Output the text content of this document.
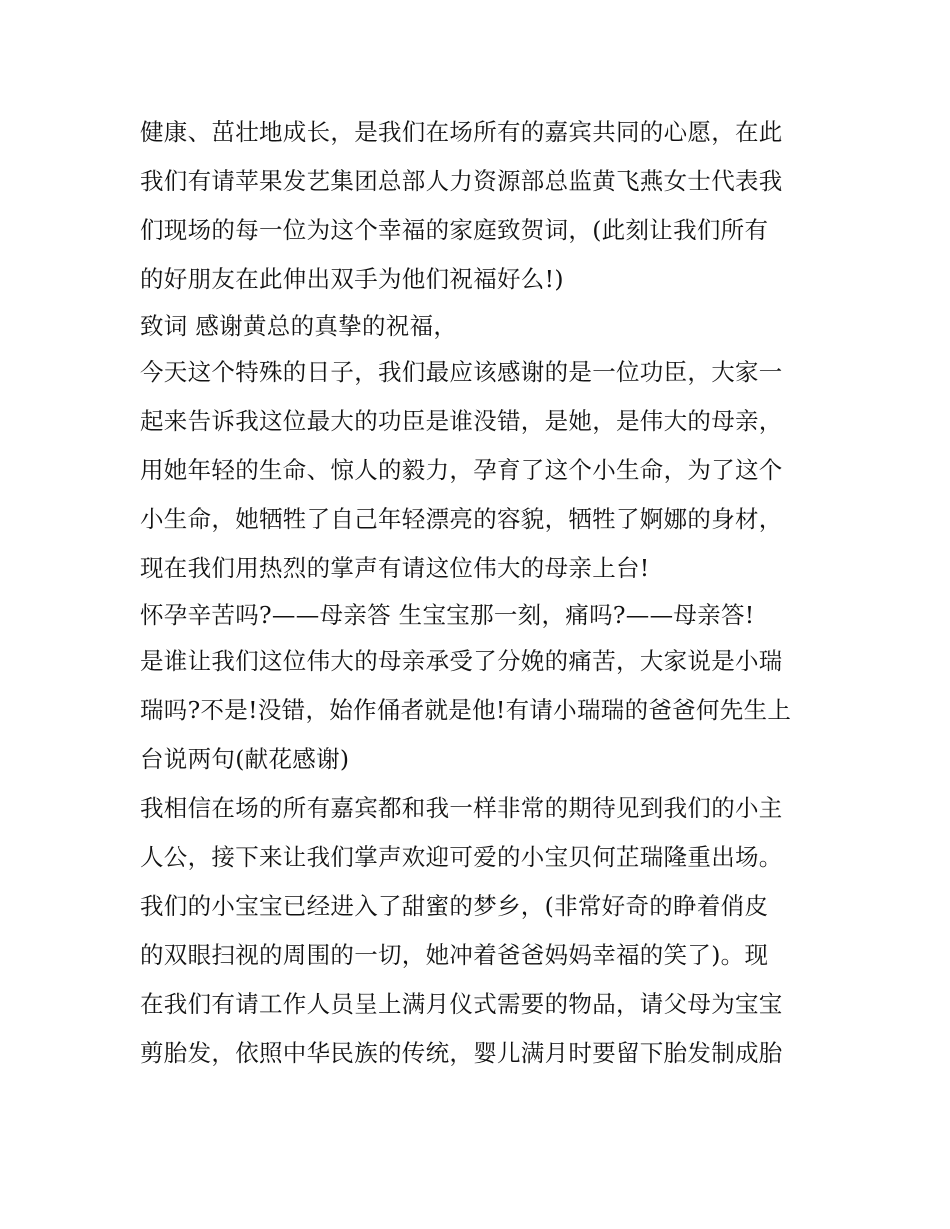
健康、茁壮地成长，是我们在场所有的嘉宾共同的心愿，在此
我们有请苹果发艺集团总部人力资源部总监黄飞燕女士代表我
们现场的每一位为这个幸福的家庭致贺词，(此刻让我们所有
的好朋友在此伸出双手为他们祝福好么!)
致词 感谢黄总的真挚的祝福，
今天这个特殊的日子，我们最应该感谢的是一位功臣，大家一
起来告诉我这位最大的功臣是谁没错，是她，是伟大的母亲，
用她年轻的生命、惊人的毅力，孕育了这个小生命，为了这个
小生命，她牺牲了自己年轻漂亮的容貌，牺牲了婀娜的身材，
现在我们用热烈的掌声有请这位伟大的母亲上台!
怀孕辛苦吗?——母亲答 生宝宝那一刻，痛吗?——母亲答!
是谁让我们这位伟大的母亲承受了分娩的痛苦，大家说是小瑞
瑞吗?不是!没错，始作俑者就是他!有请小瑞瑞的爸爸何先生上
台说两句(献花感谢)
我相信在场的所有嘉宾都和我一样非常的期待见到我们的小主
人公，接下来让我们掌声欢迎可爱的小宝贝何芷瑞隆重出场。
我们的小宝宝已经进入了甜蜜的梦乡，(非常好奇的睁着俏皮
的双眼扫视的周围的一切，她冲着爸爸妈妈幸福的笑了)。现
在我们有请工作人员呈上满月仪式需要的物品，请父母为宝宝
剪胎发，依照中华民族的传统，婴儿满月时要留下胎发制成胎
